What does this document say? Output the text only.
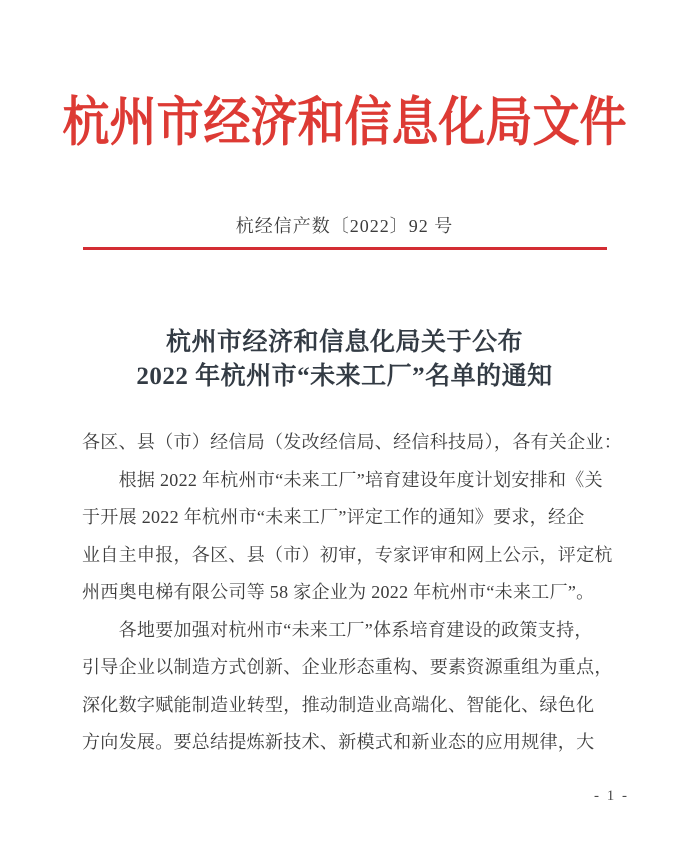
杭州市经济和信息化局文件
杭经信产数〔2022〕92 号
杭州市经济和信息化局关于公布
2022 年杭州市“未来工厂”名单的通知
各区、县（市）经信局（发改经信局、经信科技局），各有关企业：
　　根据 2022 年杭州市“未来工厂”培育建设年度计划安排和《关
于开展 2022 年杭州市“未来工厂”评定工作的通知》要求，经企
业自主申报，各区、县（市）初审，专家评审和网上公示，评定杭
州西奥电梯有限公司等 58 家企业为 2022 年杭州市“未来工厂”。
　　各地要加强对杭州市“未来工厂”体系培育建设的政策支持，
引导企业以制造方式创新、企业形态重构、要素资源重组为重点，
深化数字赋能制造业转型，推动制造业高端化、智能化、绿色化
方向发展。要总结提炼新技术、新模式和新业态的应用规律，大
- 1 -
